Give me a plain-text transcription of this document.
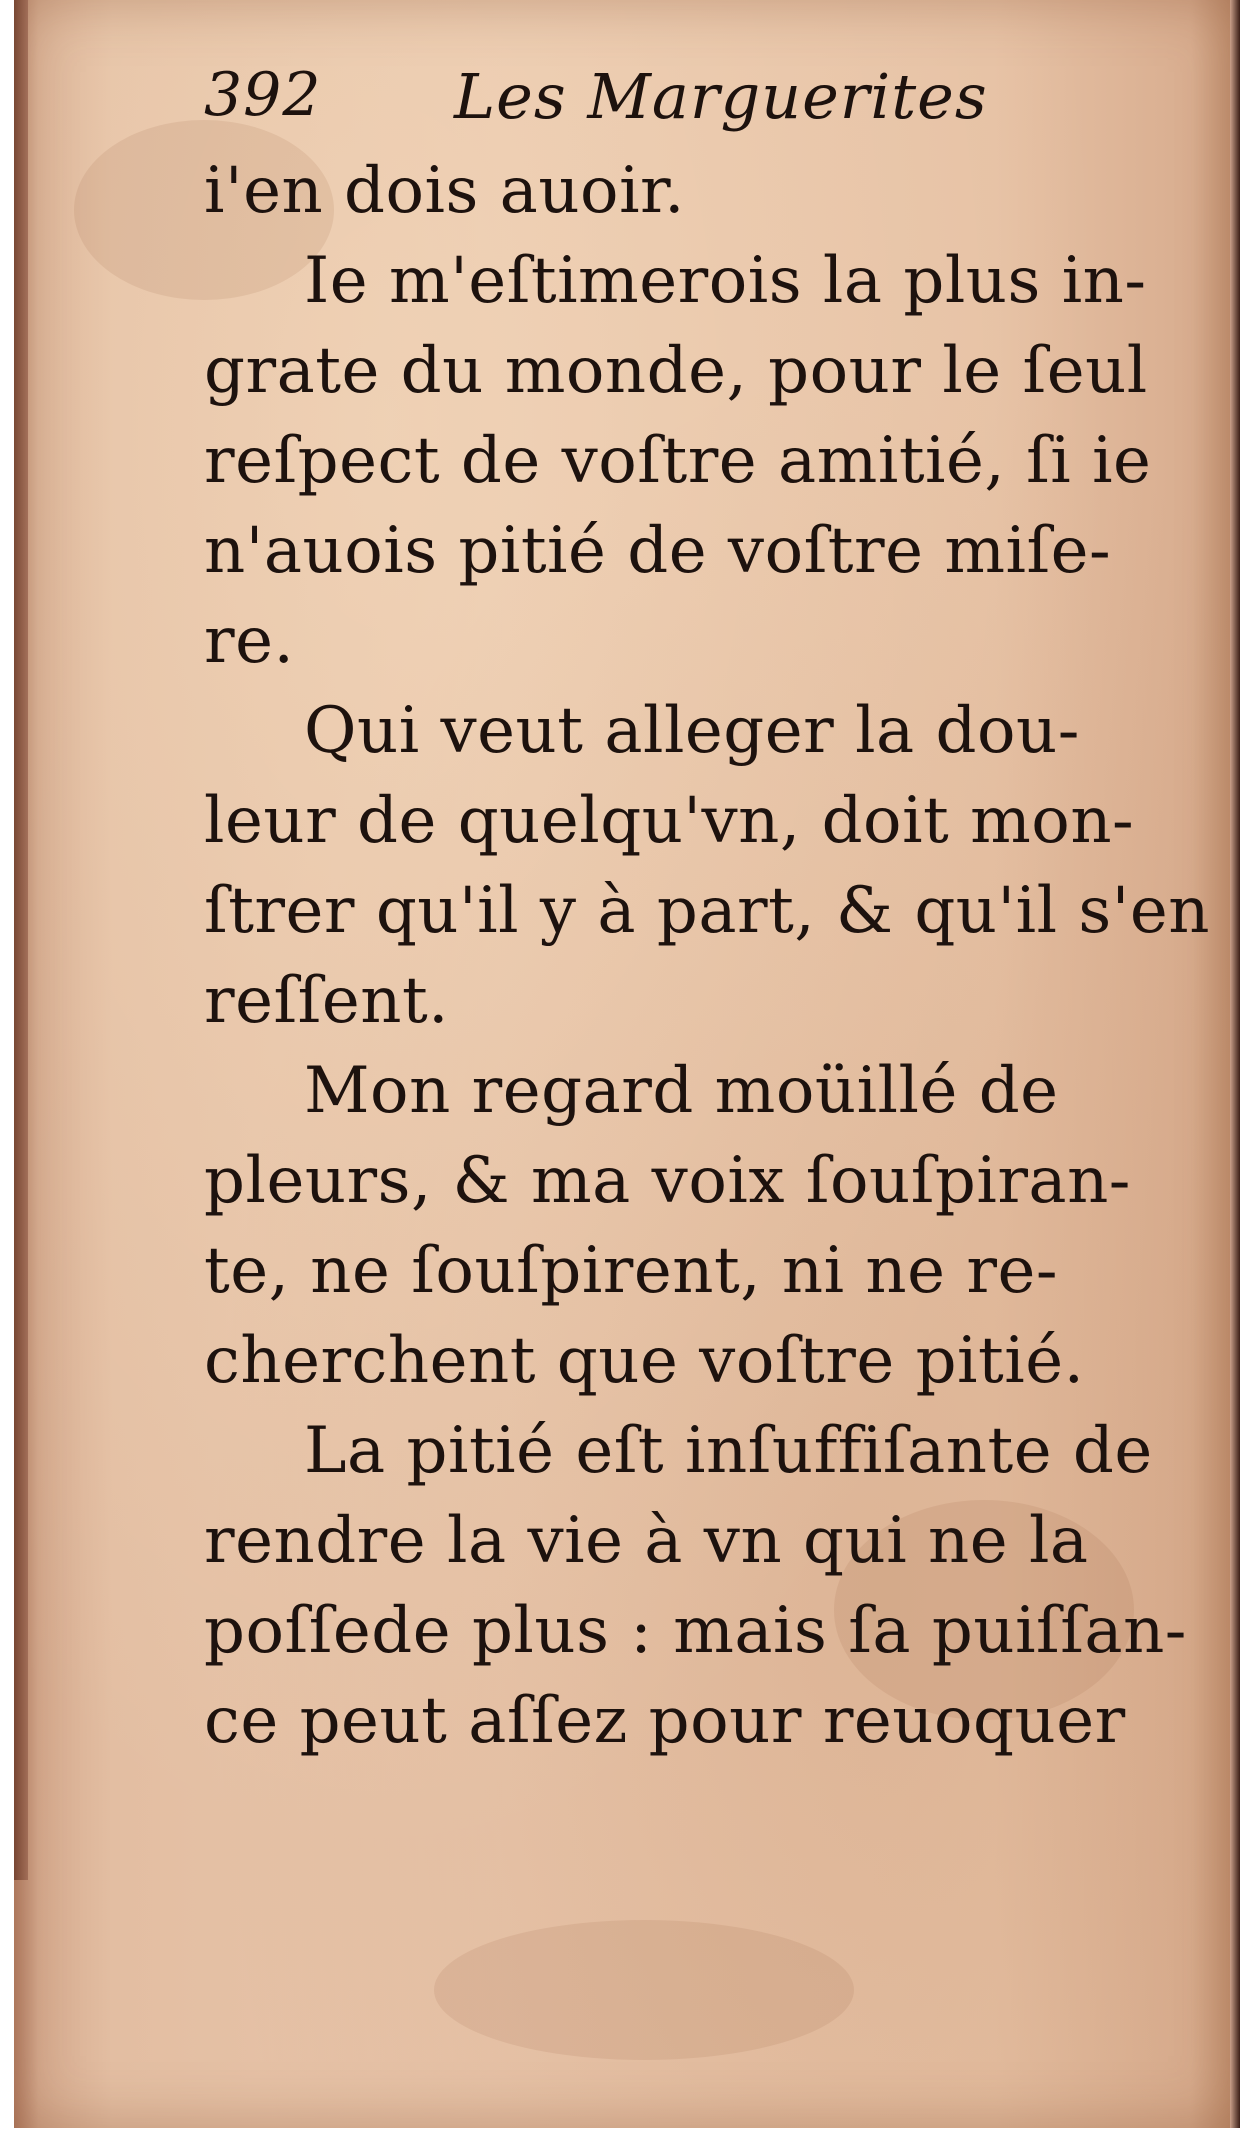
392 Les Marguerites
i'en dois auoir.
Ie m'eſtimerois la plus in-
grate du monde, pour le ſeul
reſpect de voſtre amitié, ſi ie
n'auois pitié de voſtre miſe-
re.
Qui veut alleger la dou-
leur de quelqu'vn, doit mon-
ſtrer qu'il y à part, & qu'il s'en
reſſent.
Mon regard moüillé de
pleurs, & ma voix ſouſpiran-
te, ne ſouſpirent, ni ne re-
cherchent que voſtre pitié.
La pitié eſt inſuffiſante de
rendre la vie à vn qui ne la
poſſede plus : mais ſa puiſſan-
ce peut aſſez pour reuoquer
